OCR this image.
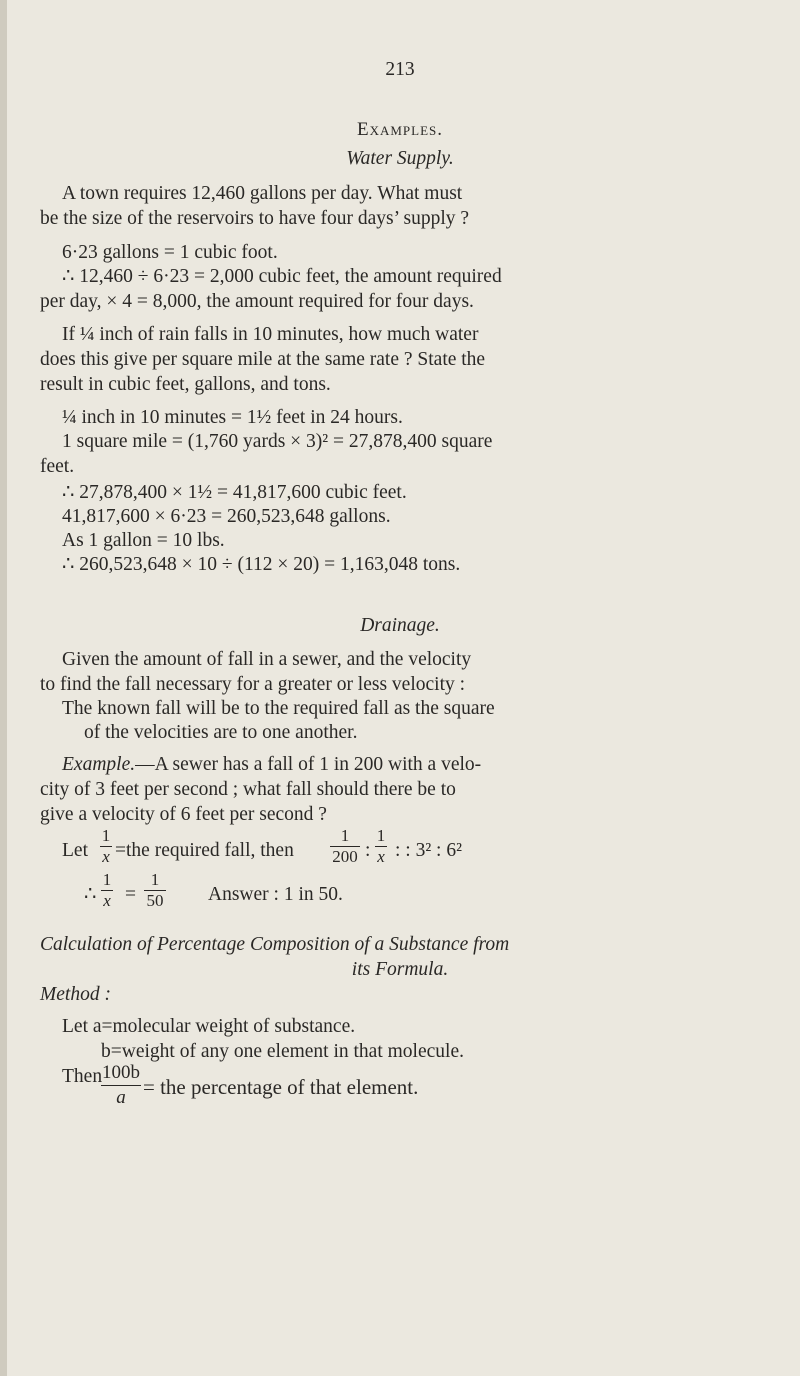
213
Examples.
Water Supply.
A town requires 12,460 gallons per day. What must
be the size of the reservoirs to have four days’ supply ?
6·23 gallons = 1 cubic foot.
∴ 12,460 ÷ 6·23 = 2,000 cubic feet, the amount required
per day, × 4 = 8,000, the amount required for four days.
If ¼ inch of rain falls in 10 minutes, how much water
does this give per square mile at the same rate ? State the
result in cubic feet, gallons, and tons.
¼ inch in 10 minutes = 1½ feet in 24 hours.
1 square mile = (1,760 yards × 3)² = 27,878,400 square
feet.
∴ 27,878,400 × 1½ = 41,817,600 cubic feet.
41,817,600 × 6·23 = 260,523,648 gallons.
As 1 gallon = 10 lbs.
∴ 260,523,648 × 10 ÷ (112 × 20) = 1,163,048 tons.
Drainage.
Given the amount of fall in a sewer, and the velocity
to find the fall necessary for a greater or less velocity :
The known fall will be to the required fall as the square
of the velocities are to one another.
Example.—A sewer has a fall of 1 in 200 with a velo-
city of 3 feet per second ; what fall should there be to
give a velocity of 6 feet per second ?
Let
1
x =the required fall, then
1
200 :
1
x : : 3² : 6²
∴
1
x =
1
50 Answer : 1 in 50.
Calculation of Percentage Composition of a Substance from
its Formula.
Method :
Let a=molecular weight of substance.
b=weight of any one element in that molecule.
Then 100b
a = the percentage of that element.
